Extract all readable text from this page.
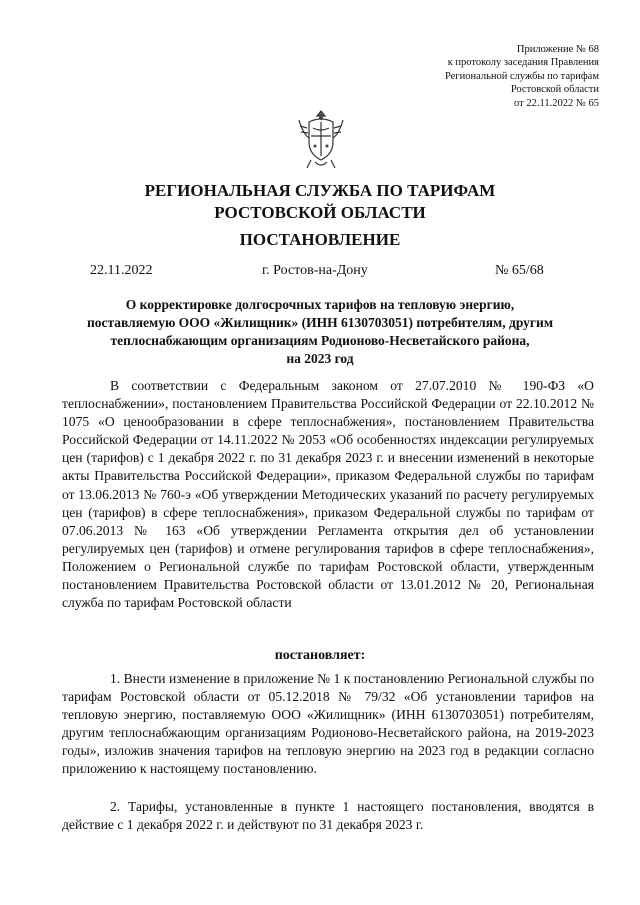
Приложение № 68
к протоколу заседания Правления
Региональной службы по тарифам
Ростовской области
от 22.11.2022 № 65
РЕГИОНАЛЬНАЯ СЛУЖБА ПО ТАРИФАМ
РОСТОВСКОЙ ОБЛАСТИ
ПОСТАНОВЛЕНИЕ
22.11.2022	г. Ростов-на-Дону	№ 65/68
О корректировке долгосрочных тарифов на тепловую энергию,
поставляемую ООО «Жилищник» (ИНН 6130703051) потребителям, другим
теплоснабжающим организациям Родионово-Несветайского района,
на 2023 год
В соответствии с Федеральным законом от 27.07.2010 № 190-ФЗ «О теплоснабжении», постановлением Правительства Российской Федерации от 22.10.2012 № 1075 «О ценообразовании в сфере теплоснабжения», постановлением Правительства Российской Федерации от 14.11.2022 № 2053 «Об особенностях индексации регулируемых цен (тарифов) с 1 декабря 2022 г. по 31 декабря 2023 г. и внесении изменений в некоторые акты Правительства Российской Федерации», приказом Федеральной службы по тарифам от 13.06.2013 № 760-э «Об утверждении Методических указаний по расчету регулируемых цен (тарифов) в сфере теплоснабжения», приказом Федеральной службы по тарифам от 07.06.2013 № 163 «Об утверждении Регламента открытия дел об установлении регулируемых цен (тарифов) и отмене регулирования тарифов в сфере теплоснабжения», Положением о Региональной службе по тарифам Ростовской области, утвержденным постановлением Правительства Ростовской области от 13.01.2012 № 20, Региональная служба по тарифам Ростовской области
постановляет:
1. Внести изменение в приложение № 1 к постановлению Региональной службы по тарифам Ростовской области от 05.12.2018 № 79/32 «Об установлении тарифов на тепловую энергию, поставляемую ООО «Жилищник» (ИНН 6130703051) потребителям, другим теплоснабжающим организациям Родионово-Несветайского района, на 2019-2023 годы», изложив значения тарифов на тепловую энергию на 2023 год в редакции согласно приложению к настоящему постановлению.
2. Тарифы, установленные в пункте 1 настоящего постановления, вводятся в действие с 1 декабря 2022 г. и действуют по 31 декабря 2023 г.
